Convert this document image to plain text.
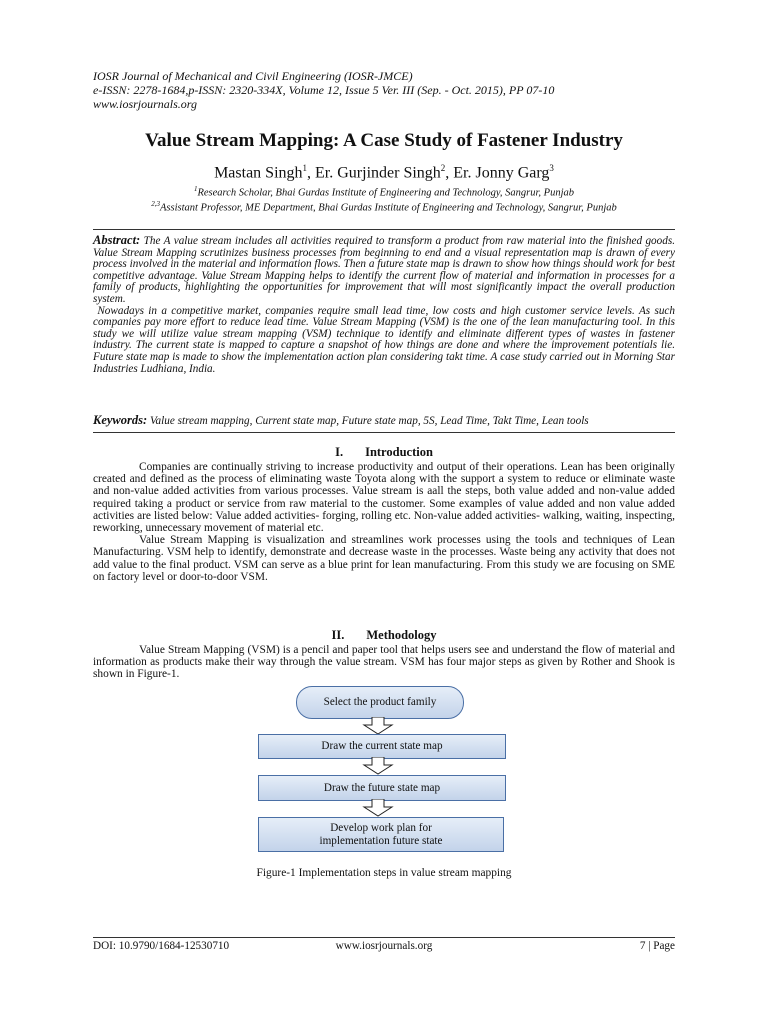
IOSR Journal of Mechanical and Civil Engineering (IOSR-JMCE)
e-ISSN: 2278-1684,p-ISSN: 2320-334X, Volume 12, Issue 5 Ver. III (Sep. - Oct. 2015), PP 07-10
www.iosrjournals.org
Value Stream Mapping: A Case Study of Fastener Industry
Mastan Singh$^1$, Er. Gurjinder Singh$^2$, Er. Jonny Garg$^3$
$^1$Research Scholar, Bhai Gurdas Institute of Engineering and Technology, Sangrur, Punjab
$^{2,3}$Assistant Professor, ME Department, Bhai Gurdas Institute of Engineering and Technology, Sangrur, Punjab

Abstract: The A value stream includes all activities required to transform a product from raw material into the finished goods. Value Stream Mapping scrutinizes business processes from beginning to end and a visual representation map is drawn of every process involved in the material and information flows. Then a future state map is drawn to show how things should work for best competitive advantage. Value Stream Mapping helps to identify the current flow of material and information in processes for a family of products, highlighting the opportunities for improvement that will most significantly impact the overall production system.

Nowadays in a competitive market, companies require small lead time, low costs and high customer service levels. As such companies pay more effort to reduce lead time. Value Stream Mapping (VSM) is the one of the lean manufacturing tool. In this study we will utilize value stream mapping (VSM) technique to identify and eliminate different types of wastes in fastener industry. The current state is mapped to capture a snapshot of how things are done and where the improvement potentials lie. Future state map is made to show the implementation action plan considering takt time. A case study carried out in Morning Star Industries Ludhiana, India.

Keywords: Value stream mapping, Current state map, Future state map, 5S, Lead Time, Takt Time, Lean tools
I. Introduction

Companies are continually striving to increase productivity and output of their operations. Lean has been originally created and defined as the process of eliminating waste Toyota along with the support a system to reduce or eliminate waste and non-value added activities from various processes. Value stream is aall the steps, both value added and non-value added required taking a product or service from raw material to the customer. Some examples of value added and non value added activities are listed below: Value added activities- forging, rolling etc. Non-value added activities- walking, waiting, inspecting, reworking, unnecessary movement of material etc.

Value Stream Mapping is visualization and streamlines work processes using the tools and techniques of Lean Manufacturing. VSM help to identify, demonstrate and decrease waste in the processes. Waste being any activity that does not add value to the final product. VSM can serve as a blue print for lean manufacturing. From this study we are focusing on SME on factory level or door-to-door VSM.

II. Methodology

Value Stream Mapping (VSM) is a pencil and paper tool that helps users see and understand the flow of material and information as products make their way through the value stream. VSM has four major steps as given by Rother and Shook is shown in Figure-1.

Select the product family
Draw the current state map
Draw the future state map
Develop work plan for implementation future state
Figure-1 Implementation steps in value stream mapping
DOI: 10.9790/1684-12530710	www.iosrjournals.org	7 | Page
